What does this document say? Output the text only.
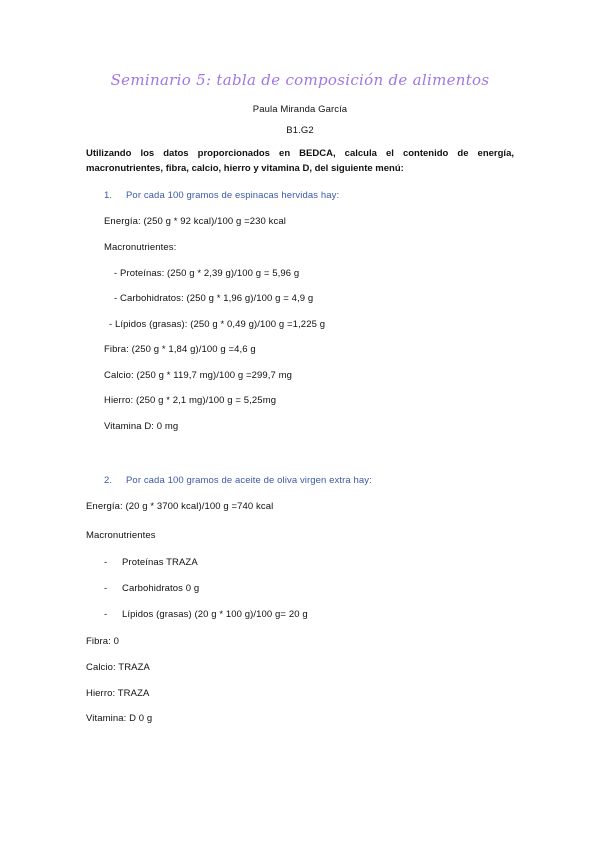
Seminario 5: tabla de composición de alimentos
Paula Miranda García
B1.G2
Utilizando los datos proporcionados en BEDCA, calcula el contenido de energía, macronutrientes, fibra, calcio, hierro y vitamina D, del siguiente menú:
1. Por cada 100 gramos de espinacas hervidas hay:
Energía: (250 g * 92 kcal)/100 g =230 kcal
Macronutrientes:
- Proteínas: (250 g * 2,39 g)/100 g = 5,96 g
- Carbohidratos: (250 g * 1,96 g)/100 g = 4,9 g
- Lípidos (grasas): (250 g * 0,49 g)/100 g =1,225 g
Fibra: (250 g * 1,84 g)/100 g =4,6 g
Calcio: (250 g * 119,7 mg)/100 g =299,7 mg
Hierro: (250 g * 2,1 mg)/100 g = 5,25mg
Vitamina D: 0 mg
2. Por cada 100 gramos de aceite de oliva virgen extra hay:
Energía: (20 g * 3700 kcal)/100 g =740 kcal
Macronutrientes
- Proteínas TRAZA
- Carbohidratos 0 g
- Lípidos (grasas) (20 g * 100 g)/100 g= 20 g
Fibra: 0
Calcio: TRAZA
Hierro: TRAZA
Vitamina: D 0 g
